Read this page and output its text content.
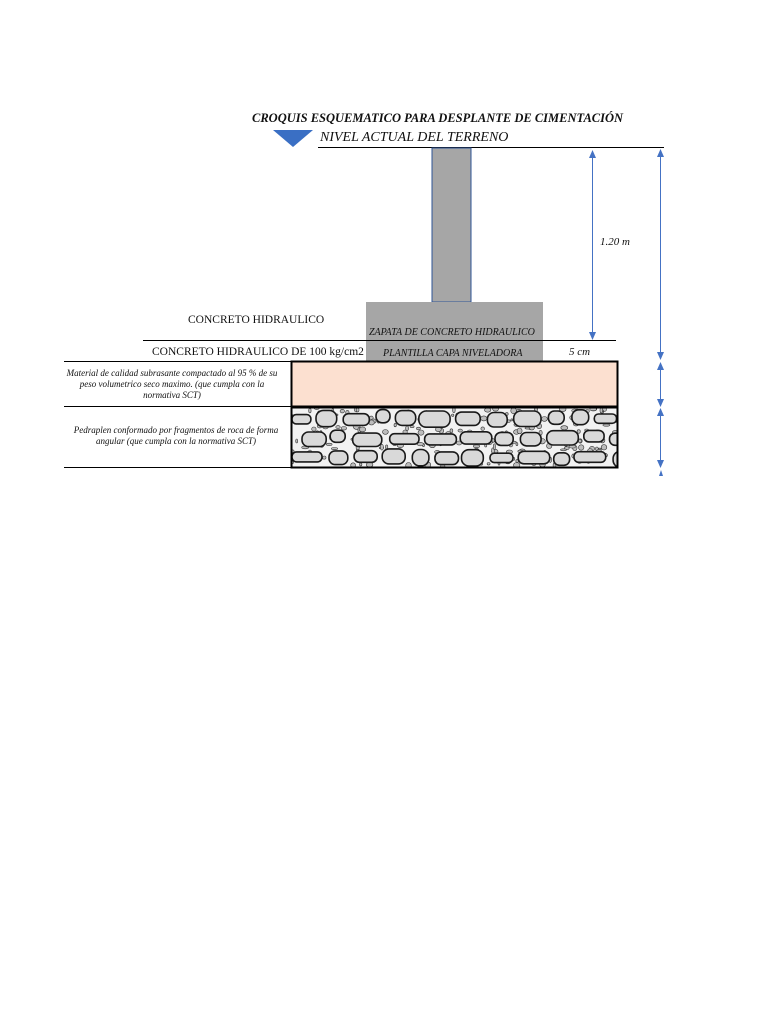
CROQUIS ESQUEMATICO PARA DESPLANTE DE CIMENTACIÓN
NIVEL ACTUAL DEL TERRENO
1.20 m
CONCRETO HIDRAULICO
ZAPATA DE CONCRETO HIDRAULICO
CONCRETO HIDRAULICO DE 100 kg/cm2 PLANTILLA CAPA NIVELADORA	5 cm
Material de calidad subrasante compactado al 95 % de su peso volumetrico seco maximo. (que cumpla con la normativa SCT)
Pedraplen conformado por fragmentos de roca de forma angular (que cumpla con la normativa SCT)
